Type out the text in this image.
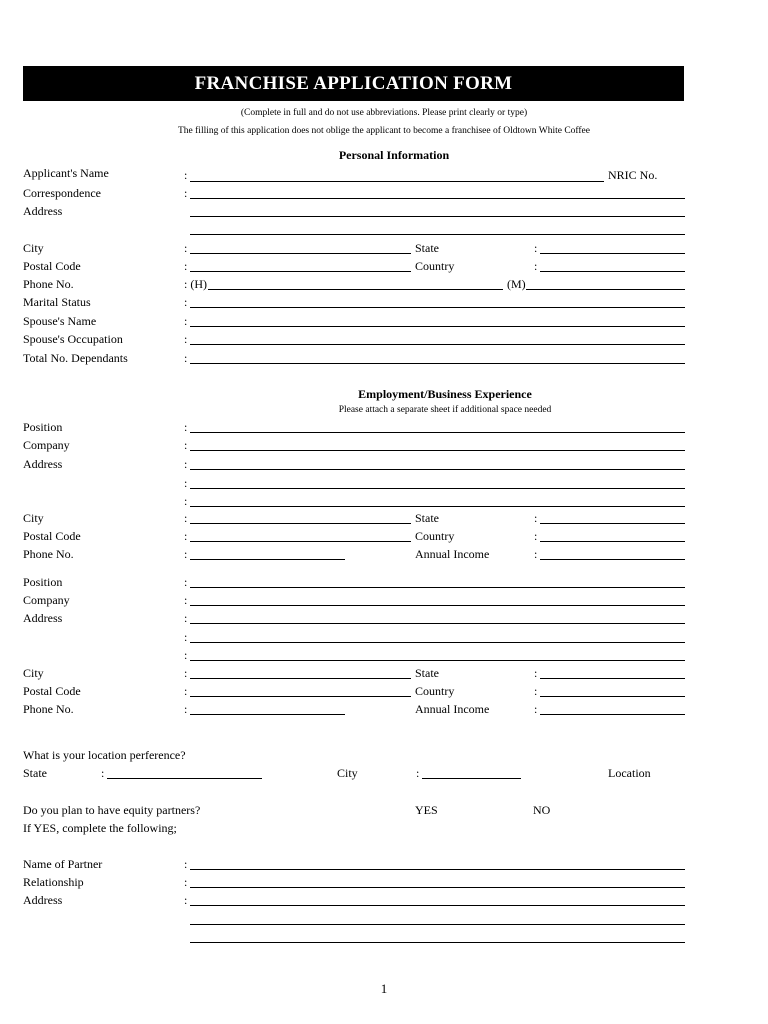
FRANCHISE APPLICATION FORM
(Complete in full and do not use abbreviations. Please print clearly or type)
The filling of this application does not oblige the applicant to become a franchisee of Oldtown White Coffee
Personal Information
Applicant's Name	:	NRIC No.
Correspondence	:
Address
City	:	State	:
Postal Code	:	Country	:
Phone No.	: (H)	(M)
Marital Status	:
Spouse's Name	:
Spouse's Occupation	:
Total No. Dependants	:
Employment/Business Experience
Please attach a separate sheet if additional space needed
Position	:
Company	:
Address	:
:
:
City	:	State	:
Postal Code	:	Country	:
Phone No.	:	Annual Income	:
Position	:
Company	:
Address	:
:
:
City	:	State	:
Postal Code	:	Country	:
Phone No.	:	Annual Income	:
What is your location perference?
State	:	City	:	Location
Do you plan to have equity partners?	YES	NO
If YES, complete the following;
Name of Partner	:
Relationship	:
Address	:
1
